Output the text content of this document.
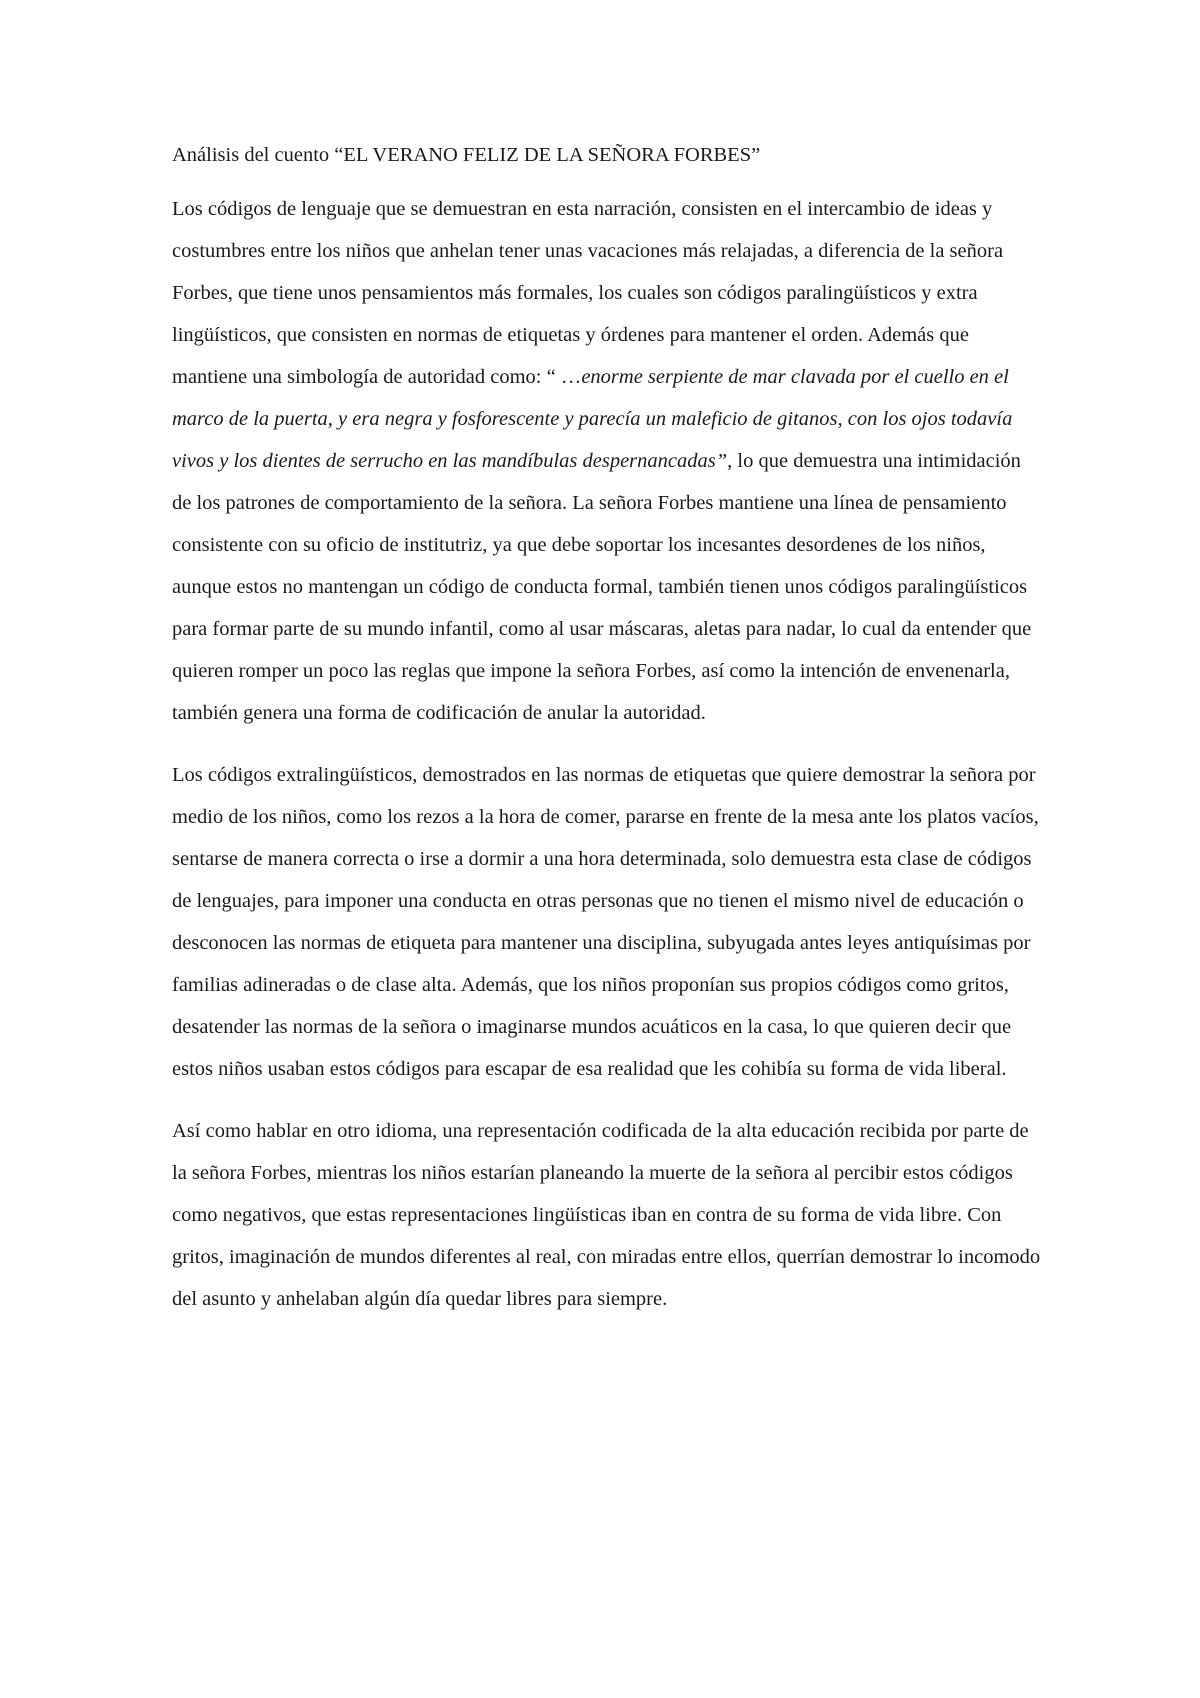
Análisis del cuento “EL VERANO FELIZ DE LA SEÑORA FORBES”

Los códigos de lenguaje que se demuestran en esta narración, consisten en el intercambio de ideas y costumbres entre los niños que anhelan tener unas vacaciones más relajadas, a diferencia de la señora Forbes, que tiene unos pensamientos más formales, los cuales son códigos paralingüísticos y extra lingüísticos, que consisten en normas de etiquetas y órdenes para mantener el orden. Además que mantiene una simbología de autoridad como: “ …enorme serpiente de mar clavada por el cuello en el marco de la puerta, y era negra y fosforescente y parecía un maleficio de gitanos, con los ojos todavía vivos y los dientes de serrucho en las mandíbulas despernancadas”, lo que demuestra una intimidación de los patrones de comportamiento de la señora. La señora Forbes mantiene una línea de pensamiento consistente con su oficio de institutriz, ya que debe soportar los incesantes desordenes de los niños, aunque estos no mantengan un código de conducta formal, también tienen unos códigos paralingüísticos para formar parte de su mundo infantil, como al usar máscaras, aletas para nadar, lo cual da entender que quieren romper un poco las reglas que impone la señora Forbes, así como la intención de envenenarla, también genera una forma de codificación de anular la autoridad.

Los códigos extralingüísticos, demostrados en las normas de etiquetas que quiere demostrar la señora por medio de los niños, como los rezos a la hora de comer, pararse en frente de la mesa ante los platos vacíos, sentarse de manera correcta o irse a dormir a una hora determinada, solo demuestra esta clase de códigos de lenguajes, para imponer una conducta en otras personas que no tienen el mismo nivel de educación o desconocen las normas de etiqueta para mantener una disciplina, subyugada antes leyes antiquísimas por familias adineradas o de clase alta. Además, que los niños proponían sus propios códigos como gritos, desatender las normas de la señora o imaginarse mundos acuáticos en la casa, lo que quieren decir que estos niños usaban estos códigos para escapar de esa realidad que les cohibía su forma de vida liberal.

Así como hablar en otro idioma, una representación codificada de la alta educación recibida por parte de la señora Forbes, mientras los niños estarían planeando la muerte de la señora al percibir estos códigos como negativos, que estas representaciones lingüísticas iban en contra de su forma de vida libre. Con gritos, imaginación de mundos diferentes al real, con miradas entre ellos, querrían demostrar lo incomodo del asunto y anhelaban algún día quedar libres para siempre.
